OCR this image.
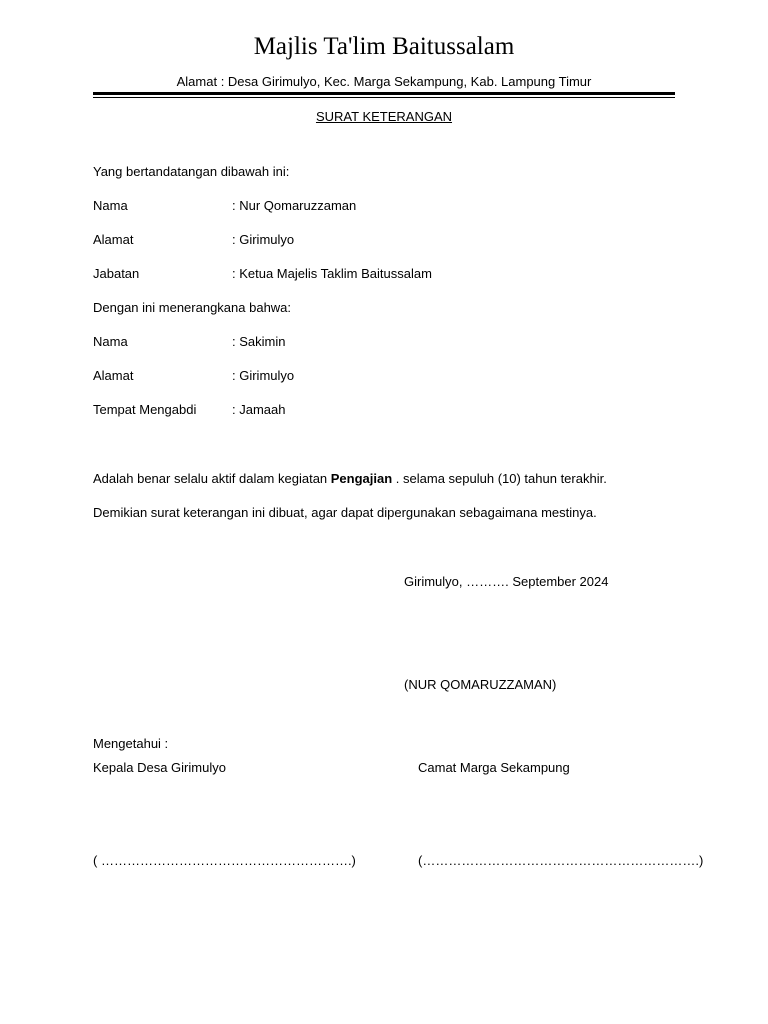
Majlis Ta'lim Baitussalam
Alamat : Desa Girimulyo, Kec. Marga Sekampung, Kab. Lampung Timur
SURAT KETERANGAN
Yang bertandatangan dibawah ini:
Nama	: Nur Qomaruzzaman
Alamat	: Girimulyo
Jabatan	: Ketua Majelis Taklim Baitussalam
Dengan ini menerangkana bahwa:
Nama	: Sakimin
Alamat	: Girimulyo
Tempat Mengabdi	: Jamaah
Adalah benar selalu aktif dalam kegiatan Pengajian . selama sepuluh (10) tahun terakhir.
Demikian surat keterangan ini dibuat, agar dapat dipergunakan sebagaimana mestinya.
Girimulyo, ………. September 2024
(NUR QOMARUZZAMAN)
Mengetahui :
Kepala Desa Girimulyo	Camat Marga Sekampung
( ………………………………………………….)	(……………………………………………………….)
